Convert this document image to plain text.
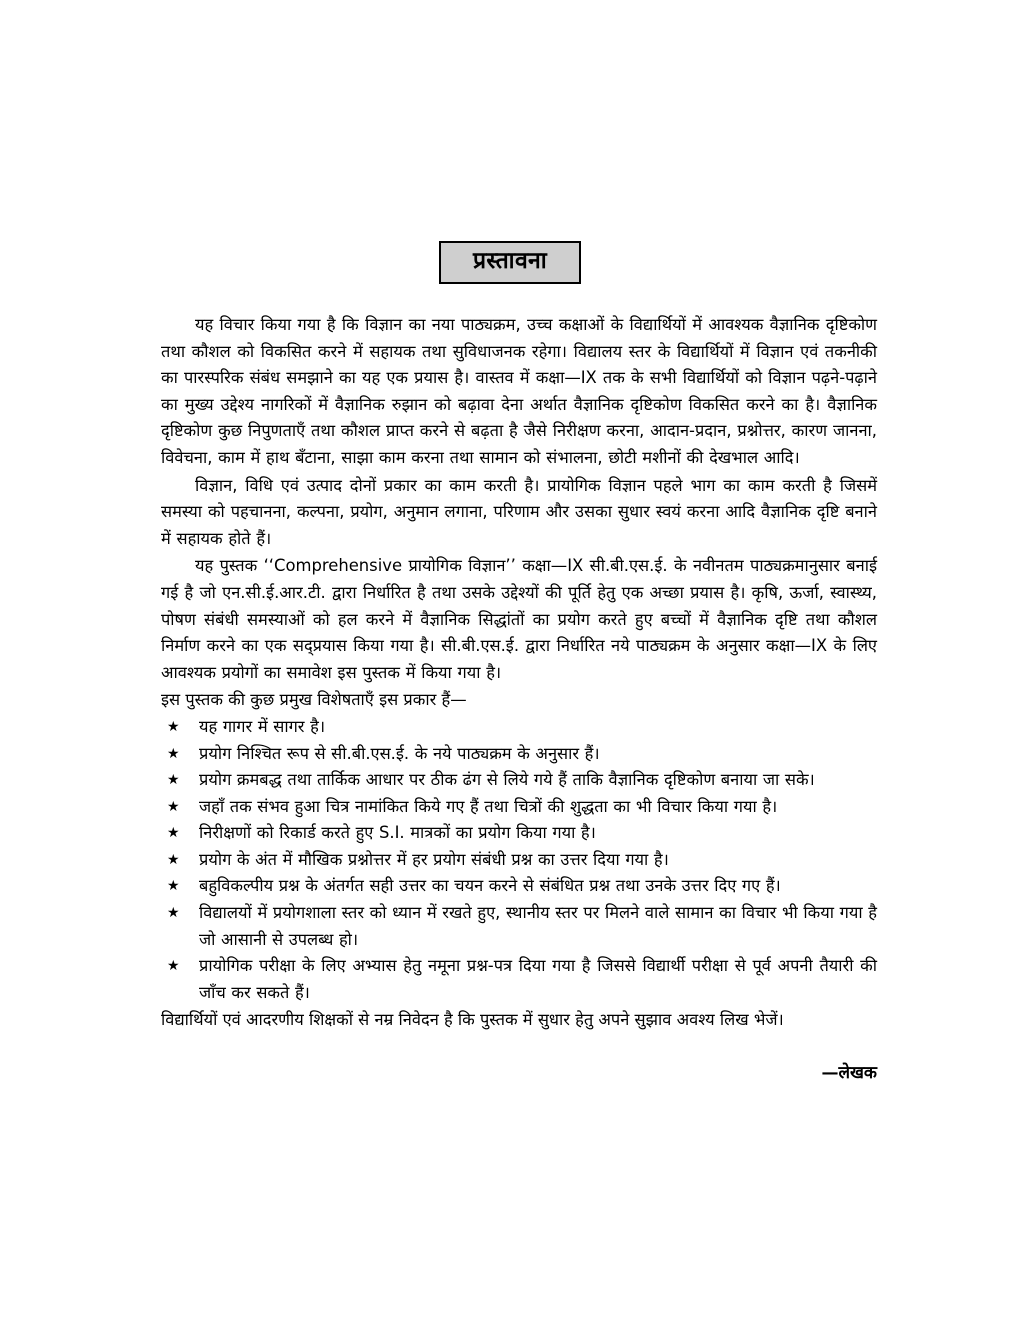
प्रस्तावना

यह विचार किया गया है कि विज्ञान का नया पाठ्यक्रम, उच्च कक्षाओं के विद्यार्थियों में आवश्यक वैज्ञानिक दृष्टिकोण तथा कौशल को विकसित करने में सहायक तथा सुविधाजनक रहेगा। विद्यालय स्तर के विद्यार्थियों में विज्ञान एवं तकनीकी का पारस्परिक संबंध समझाने का यह एक प्रयास है। वास्तव में कक्षा—IX तक के सभी विद्यार्थियों को विज्ञान पढ़ने-पढ़ाने का मुख्य उद्देश्य नागरिकों में वैज्ञानिक रुझान को बढ़ावा देना अर्थात वैज्ञानिक दृष्टिकोण विकसित करने का है। वैज्ञानिक दृष्टिकोण कुछ निपुणताएँ तथा कौशल प्राप्त करने से बढ़ता है जैसे निरीक्षण करना, आदान-प्रदान, प्रश्नोत्तर, कारण जानना, विवेचना, काम में हाथ बँटाना, साझा काम करना तथा सामान को संभालना, छोटी मशीनों की देखभाल आदि।

विज्ञान, विधि एवं उत्पाद दोनों प्रकार का काम करती है। प्रायोगिक विज्ञान पहले भाग का काम करती है जिसमें समस्या को पहचानना, कल्पना, प्रयोग, अनुमान लगाना, परिणाम और उसका सुधार स्वयं करना आदि वैज्ञानिक दृष्टि बनाने में सहायक होते हैं।

यह पुस्तक ‘‘Comprehensive प्रायोगिक विज्ञान’’ कक्षा—IX सी.बी.एस.ई. के नवीनतम पाठ्यक्रमानुसार बनाई गई है जो एन.सी.ई.आर.टी. द्वारा निर्धारित है तथा उसके उद्देश्यों की पूर्ति हेतु एक अच्छा प्रयास है। कृषि, ऊर्जा, स्वास्थ्य, पोषण संबंधी समस्याओं को हल करने में वैज्ञानिक सिद्धांतों का प्रयोग करते हुए बच्चों में वैज्ञानिक दृष्टि तथा कौशल निर्माण करने का एक सद्प्रयास किया गया है। सी.बी.एस.ई. द्वारा निर्धारित नये पाठ्यक्रम के अनुसार कक्षा—IX के लिए आवश्यक प्रयोगों का समावेश इस पुस्तक में किया गया है।

इस पुस्तक की कुछ प्रमुख विशेषताएँ इस प्रकार हैं—

★ यह गागर में सागर है।
★ प्रयोग निश्चित रूप से सी.बी.एस.ई. के नये पाठ्यक्रम के अनुसार हैं।
★ प्रयोग क्रमबद्ध तथा तार्किक आधार पर ठीक ढंग से लिये गये हैं ताकि वैज्ञानिक दृष्टिकोण बनाया जा सके।
★ जहाँ तक संभव हुआ चित्र नामांकित किये गए हैं तथा चित्रों की शुद्धता का भी विचार किया गया है।
★ निरीक्षणों को रिकार्ड करते हुए S.I. मात्रकों का प्रयोग किया गया है।
★ प्रयोग के अंत में मौखिक प्रश्नोत्तर में हर प्रयोग संबंधी प्रश्न का उत्तर दिया गया है।
★ बहुविकल्पीय प्रश्न के अंतर्गत सही उत्तर का चयन करने से संबंधित प्रश्न तथा उनके उत्तर दिए गए हैं।
★ विद्यालयों में प्रयोगशाला स्तर को ध्यान में रखते हुए, स्थानीय स्तर पर मिलने वाले सामान का विचार भी किया गया है जो आसानी से उपलब्ध हो।
★ प्रायोगिक परीक्षा के लिए अभ्यास हेतु नमूना प्रश्न-पत्र दिया गया है जिससे विद्यार्थी परीक्षा से पूर्व अपनी तैयारी की जाँच कर सकते हैं।

विद्यार्थियों एवं आदरणीय शिक्षकों से नम्र निवेदन है कि पुस्तक में सुधार हेतु अपने सुझाव अवश्य लिख भेजें।

—लेखक
